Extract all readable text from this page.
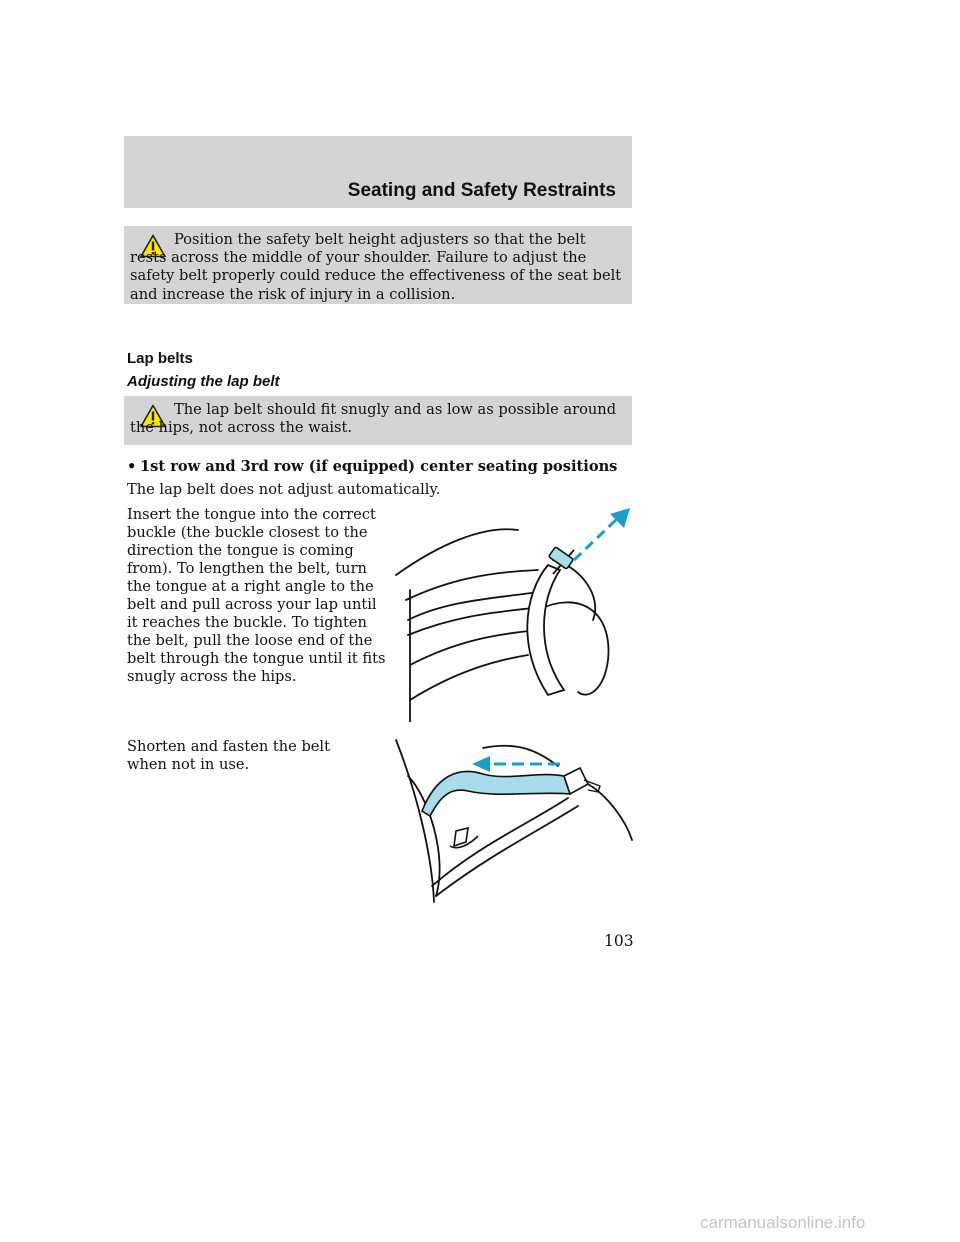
Seating and Safety Restraints
Position the safety belt height adjusters so that the belt rests across the middle of your shoulder. Failure to adjust the safety belt properly could reduce the effectiveness of the seat belt and increase the risk of injury in a collision.
Lap belts
Adjusting the lap belt
The lap belt should fit snugly and as low as possible around the hips, not across the waist.
• 1st row and 3rd row (if equipped) center seating positions
The lap belt does not adjust automatically.
Insert the tongue into the correct buckle (the buckle closest to the direction the tongue is coming from). To lengthen the belt, turn the tongue at a right angle to the belt and pull across your lap until it reaches the buckle. To tighten the belt, pull the loose end of the belt through the tongue until it fits snugly across the hips.
Shorten and fasten the belt when not in use.
103
carmanualsonline.info
